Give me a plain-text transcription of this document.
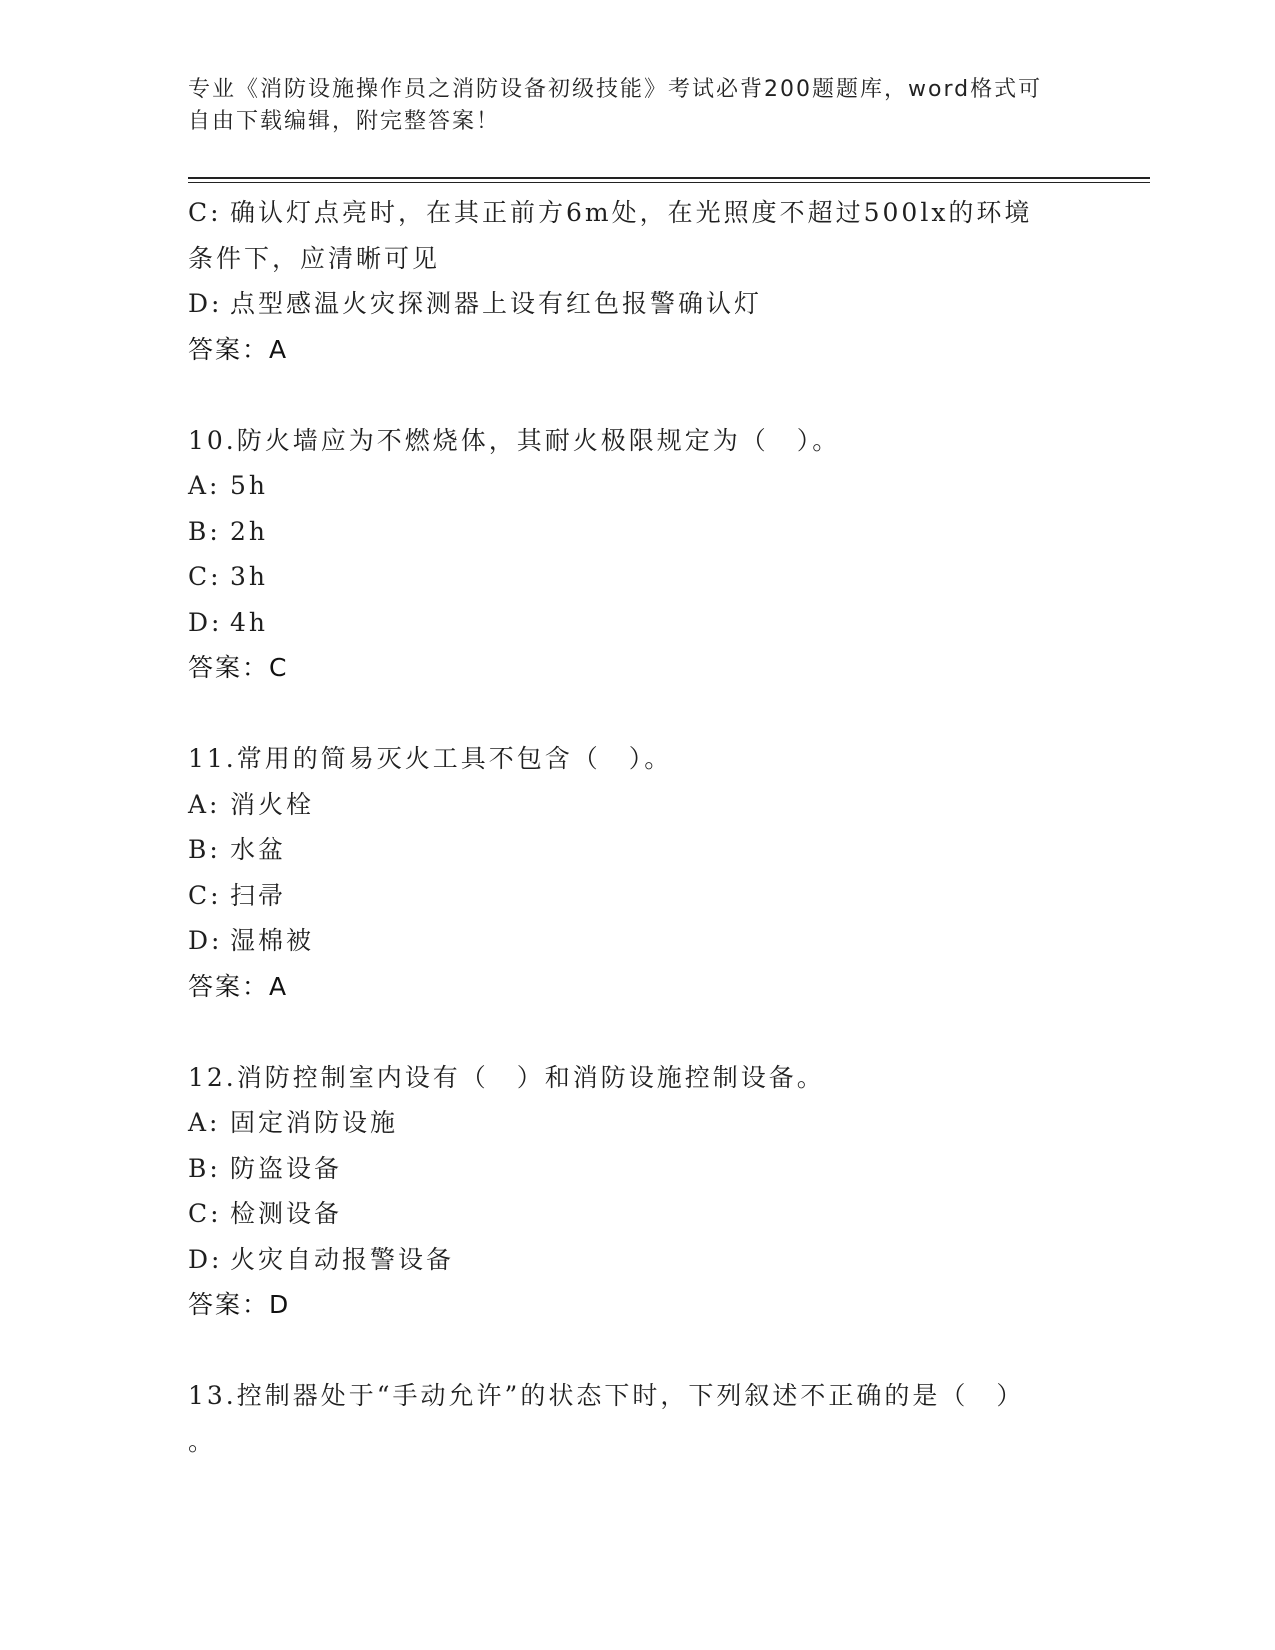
专业《消防设施操作员之消防设备初级技能》考试必背200题题库，word格式可
自由下载编辑，附完整答案！
C: 确认灯点亮时，在其正前方6m处，在光照度不超过500lx的环境
条件下，应清晰可见
D: 点型感温火灾探测器上设有红色报警确认灯
答案：A
10.防火墙应为不燃烧体，其耐火极限规定为（　）。
A: 5h
B: 2h
C: 3h
D: 4h
答案：C
11.常用的简易灭火工具不包含（　）。
A: 消火栓
B: 水盆
C: 扫帚
D: 湿棉被
答案：A
12.消防控制室内设有（　）和消防设施控制设备。
A: 固定消防设施
B: 防盗设备
C: 检测设备
D: 火灾自动报警设备
答案：D
13.控制器处于“手动允许”的状态下时，下列叙述不正确的是（　）
。
